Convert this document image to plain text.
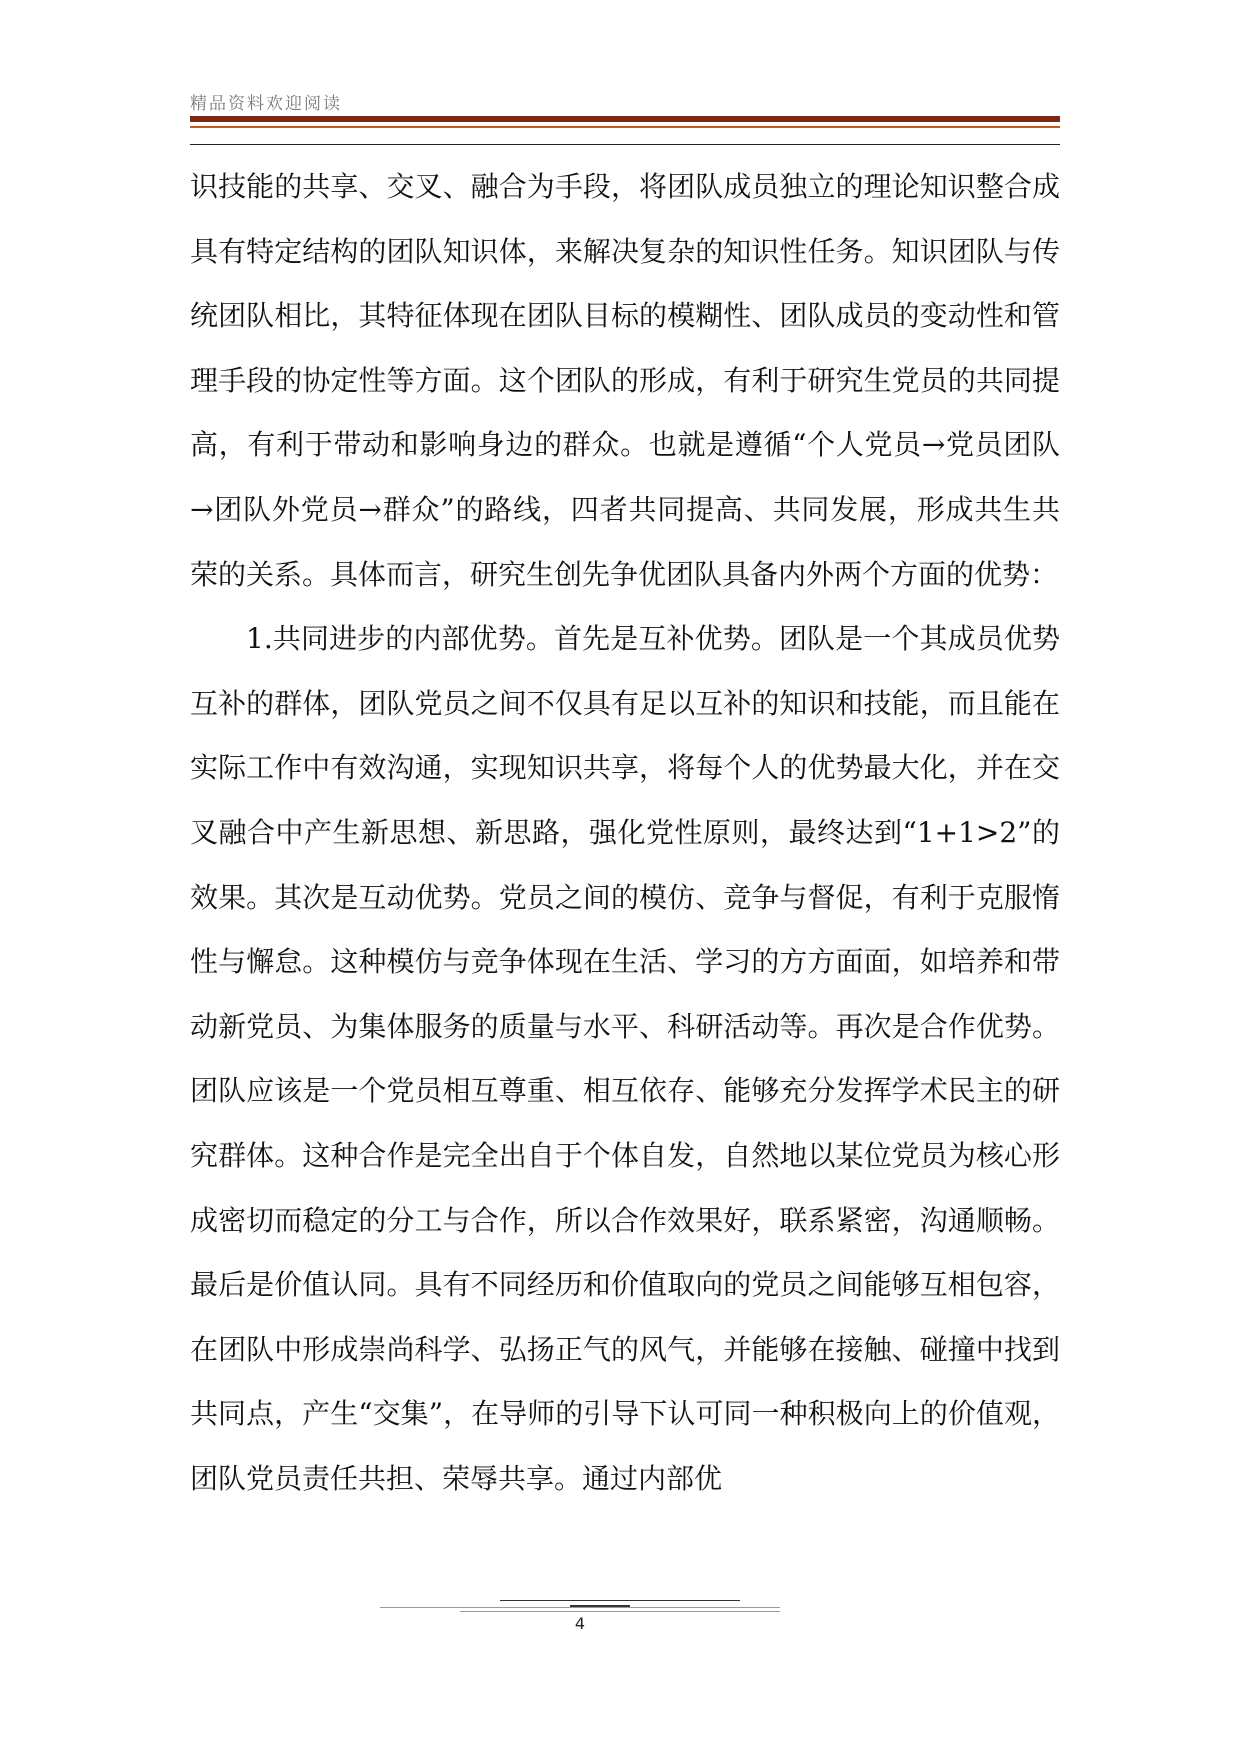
精品资料欢迎阅读

识技能的共享、交叉、融合为手段，将团队成员独立的理论知识整合成具有特定结构的团队知识体，来解决复杂的知识性任务。知识团队与传统团队相比，其特征体现在团队目标的模糊性、团队成员的变动性和管理手段的协定性等方面。这个团队的形成，有利于研究生党员的共同提高，有利于带动和影响身边的群众。也就是遵循“个人党员→党员团队→团队外党员→群众”的路线，四者共同提高、共同发展，形成共生共荣的关系。具体而言，研究生创先争优团队具备内外两个方面的优势：

1.共同进步的内部优势。首先是互补优势。团队是一个其成员优势互补的群体，团队党员之间不仅具有足以互补的知识和技能，而且能在实际工作中有效沟通，实现知识共享，将每个人的优势最大化，并在交叉融合中产生新思想、新思路，强化党性原则，最终达到“1+1>2”的效果。其次是互动优势。党员之间的模仿、竞争与督促，有利于克服惰性与懈怠。这种模仿与竞争体现在生活、学习的方方面面，如培养和带动新党员、为集体服务的质量与水平、科研活动等。再次是合作优势。团队应该是一个党员相互尊重、相互依存、能够充分发挥学术民主的研究群体。这种合作是完全出自于个体自发，自然地以某位党员为核心形成密切而稳定的分工与合作，所以合作效果好，联系紧密，沟通顺畅。最后是价值认同。具有不同经历和价值取向的党员之间能够互相包容，在团队中形成崇尚科学、弘扬正气的风气，并能够在接触、碰撞中找到共同点，产生“交集”，在导师的引导下认可同一种积极向上的价值观，团队党员责任共担、荣辱共享。通过内部优

4
